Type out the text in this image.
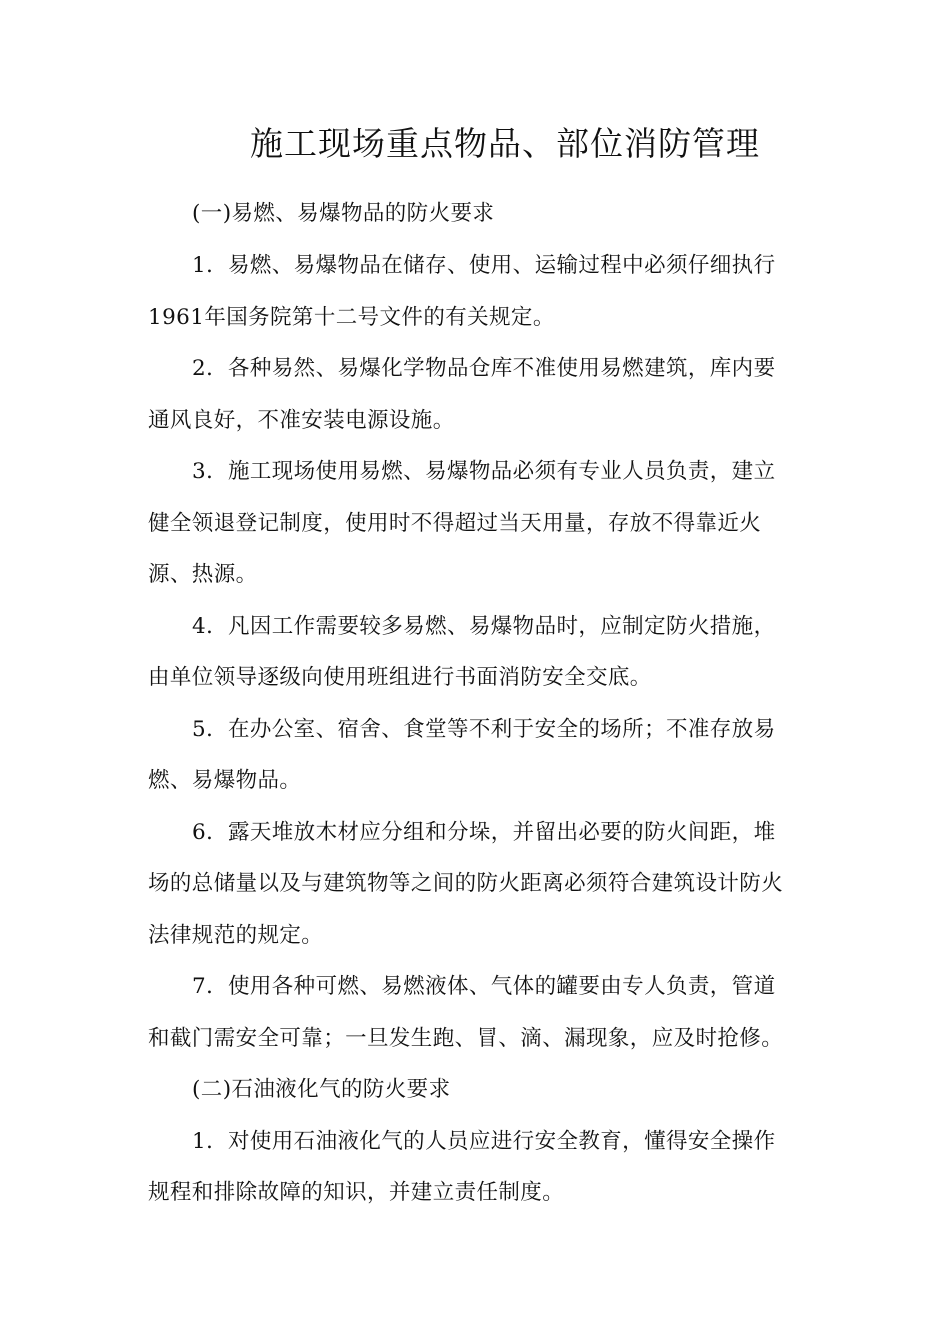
施工现场重点物品、部位消防管理
(一)易燃、易爆物品的防火要求
1．易燃、易爆物品在储存、使用、运输过程中必须仔细执行
1961年国务院第十二号文件的有关规定。
2．各种易然、易爆化学物品仓库不准使用易燃建筑，库内要
通风良好，不准安装电源设施。
3．施工现场使用易燃、易爆物品必须有专业人员负责，建立
健全领退登记制度，使用时不得超过当天用量，存放不得靠近火
源、热源。
4．凡因工作需要较多易燃、易爆物品时，应制定防火措施，
由单位领导逐级向使用班组进行书面消防安全交底。
5．在办公室、宿舍、食堂等不利于安全的场所；不准存放易
燃、易爆物品。
6．露天堆放木材应分组和分垛，并留出必要的防火间距，堆
场的总储量以及与建筑物等之间的防火距离必须符合建筑设计防火
法律规范的规定。
7．使用各种可燃、易燃液体、气体的罐要由专人负责，管道
和截门需安全可靠；一旦发生跑、冒、滴、漏现象，应及时抢修。
(二)石油液化气的防火要求
1．对使用石油液化气的人员应进行安全教育，懂得安全操作
规程和排除故障的知识，并建立责任制度。
